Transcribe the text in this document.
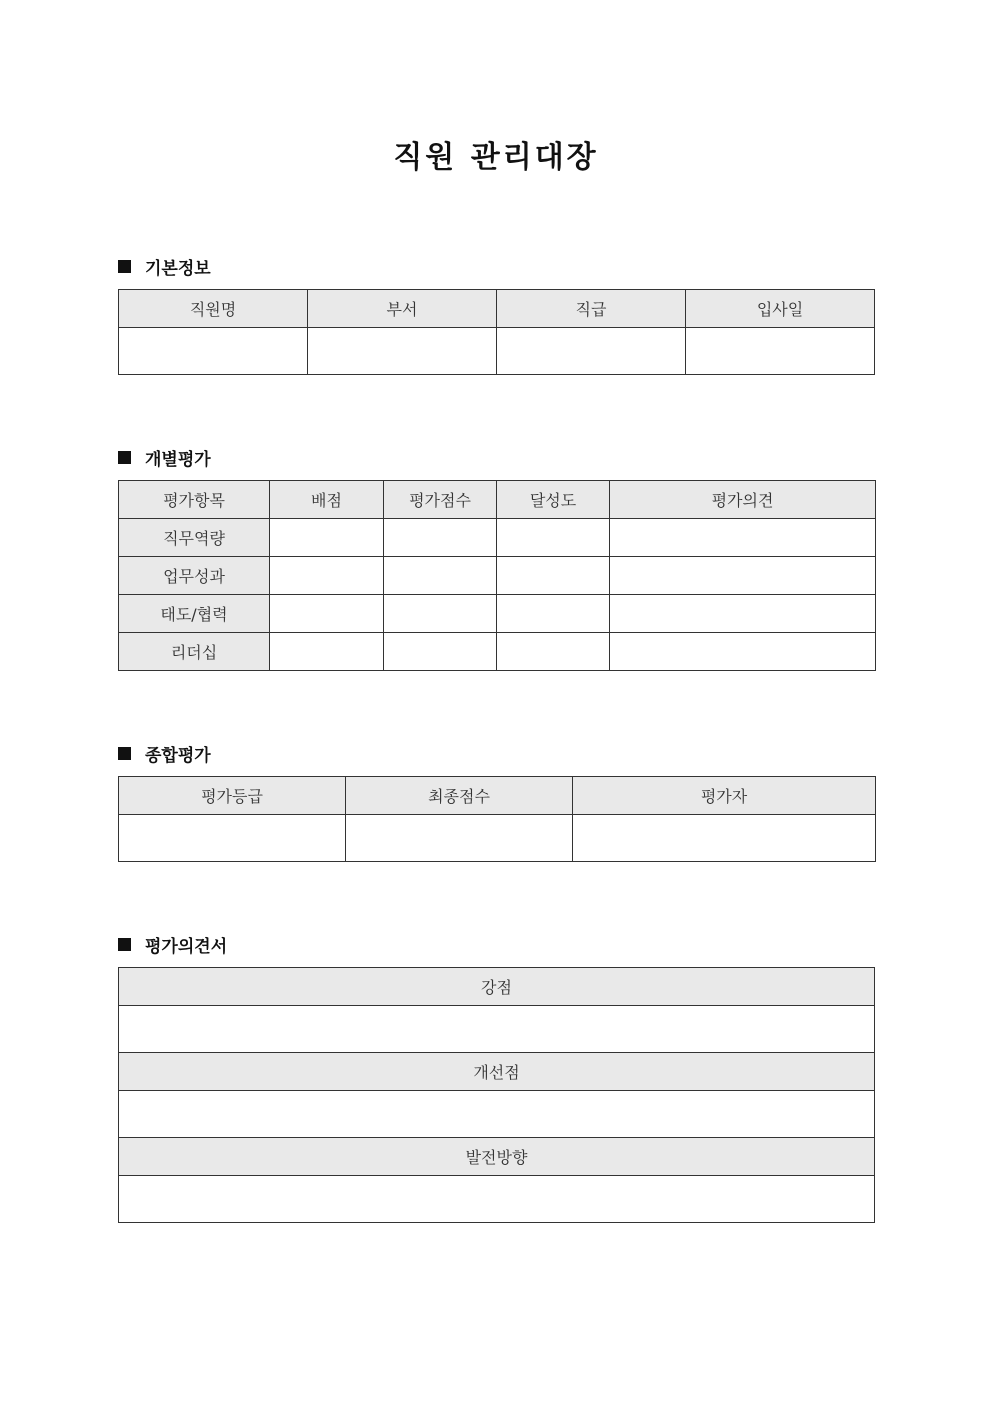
직원 관리대장
기본정보
직원명	부서	직급	입사일

개별평가
평가항목	배점	평가점수	달성도	평가의견
직무역량				
업무성과				
태도/협력				
리더십				
종합평가
평가등급	최종점수	평가자

평가의견서
강점

개선점

발전방향
